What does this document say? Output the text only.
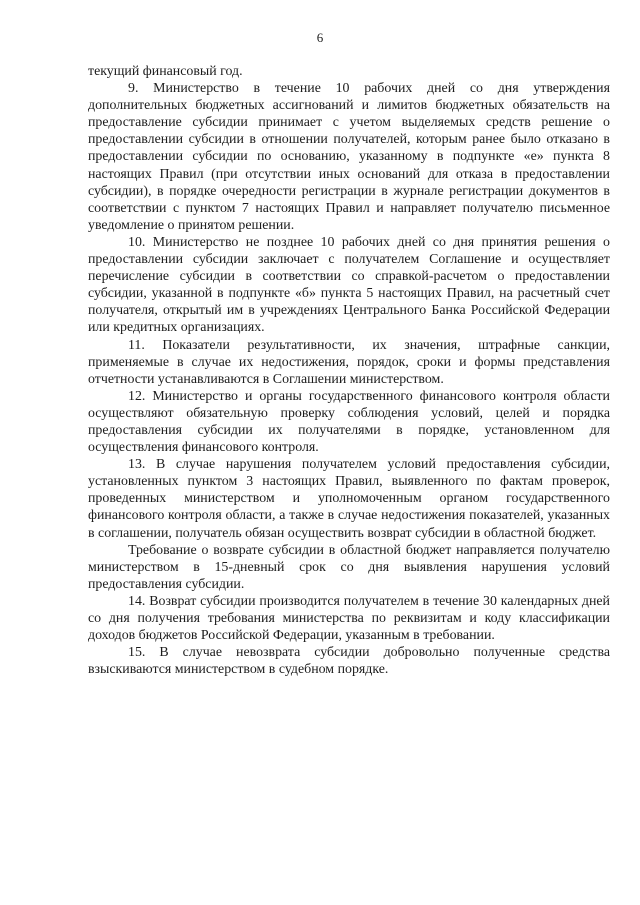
6

текущий финансовый год.

9. Министерство в течение 10 рабочих дней со дня утверждения дополнительных бюджетных ассигнований и лимитов бюджетных обязательств на предоставление субсидии принимает с учетом выделяемых средств решение о предоставлении субсидии в отношении получателей, которым ранее было отказано в предоставлении субсидии по основанию, указанному в подпункте «е» пункта 8 настоящих Правил (при отсутствии иных оснований для отказа в предоставлении субсидии), в порядке очередности регистрации в журнале регистрации документов в соответствии с пунктом 7 настоящих Правил и направляет получателю письменное уведомление о принятом решении.

10. Министерство не позднее 10 рабочих дней со дня принятия решения о предоставлении субсидии заключает с получателем Соглашение и осуществляет перечисление субсидии в соответствии со справкой-расчетом о предоставлении субсидии, указанной в подпункте «б» пункта 5 настоящих Правил, на расчетный счет получателя, открытый им в учреждениях Центрального Банка Российской Федерации или кредитных организациях.

11. Показатели результативности, их значения, штрафные санкции, применяемые в случае их недостижения, порядок, сроки и формы представления отчетности устанавливаются в Соглашении министерством.

12. Министерство и органы государственного финансового контроля области осуществляют обязательную проверку соблюдения условий, целей и порядка предоставления субсидии их получателями в порядке, установленном для осуществления финансового контроля.

13. В случае нарушения получателем условий предоставления субсидии, установленных пунктом 3 настоящих Правил, выявленного по фактам проверок, проведенных министерством и уполномоченным органом государственного финансового контроля области, а также в случае недостижения показателей, указанных в соглашении, получатель обязан осуществить возврат субсидии в областной бюджет.

Требование о возврате субсидии в областной бюджет направляется получателю министерством в 15-дневный срок со дня выявления нарушения условий предоставления субсидии.

14. Возврат субсидии производится получателем в течение 30 календарных дней со дня получения требования министерства по реквизитам и коду классификации доходов бюджетов Российской Федерации, указанным в требовании.

15. В случае невозврата субсидии добровольно полученные средства взыскиваются министерством в судебном порядке.
